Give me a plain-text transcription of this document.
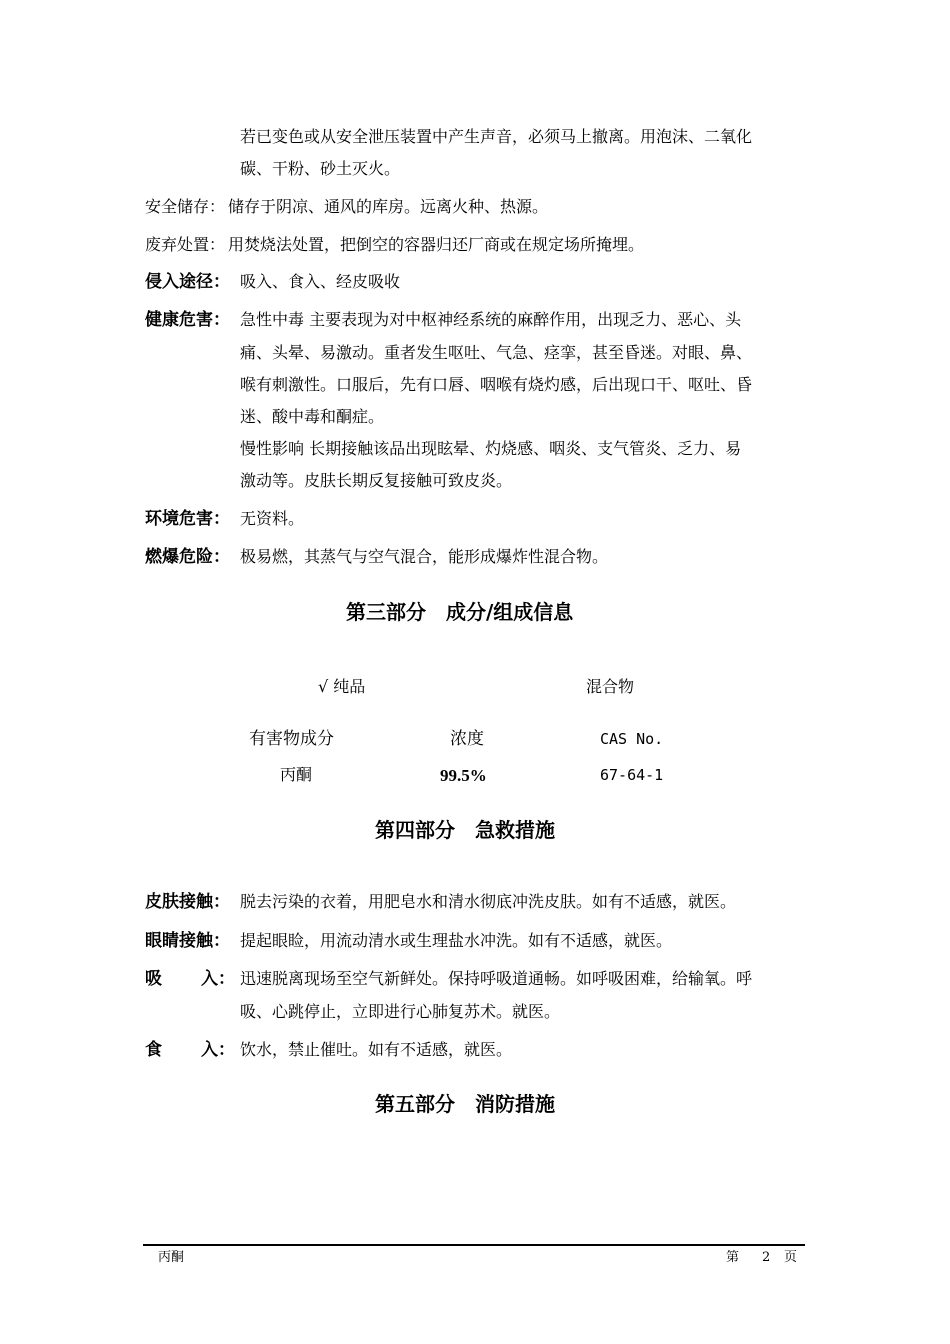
若已变色或从安全泄压装置中产生声音，必须马上撤离。用泡沫、二氧化
碳、干粉、砂土灭火。
安全储存： 储存于阴凉、通风的库房。远离火种、热源。
废弃处置： 用焚烧法处置，把倒空的容器归还厂商或在规定场所掩埋。
侵入途径： 吸入、食入、经皮吸收
健康危害： 急性中毒 主要表现为对中枢神经系统的麻醉作用，出现乏力、恶心、头
痛、头晕、易激动。重者发生呕吐、气急、痉挛，甚至昏迷。对眼、鼻、
喉有刺激性。口服后，先有口唇、咽喉有烧灼感，后出现口干、呕吐、昏
迷、酸中毒和酮症。
慢性影响 长期接触该品出现眩晕、灼烧感、咽炎、支气管炎、乏力、易
激动等。皮肤长期反复接触可致皮炎。
环境危害： 无资料。
燃爆危险： 极易燃，其蒸气与空气混合，能形成爆炸性混合物。
第三部分　成分/组成信息
√ 纯品	混合物
有害物成分	浓度	CAS No.
丙酮	99.5%	67-64-1
第四部分　急救措施
皮肤接触： 脱去污染的衣着，用肥皂水和清水彻底冲洗皮肤。如有不适感，就医。
眼睛接触： 提起眼睑，用流动清水或生理盐水冲洗。如有不适感，就医。
吸 入： 迅速脱离现场至空气新鲜处。保持呼吸道通畅。如呼吸困难，给输氧。呼
吸、心跳停止，立即进行心肺复苏术。就医。
食 入： 饮水，禁止催吐。如有不适感，就医。
第五部分　消防措施
丙酮	第 2 页
